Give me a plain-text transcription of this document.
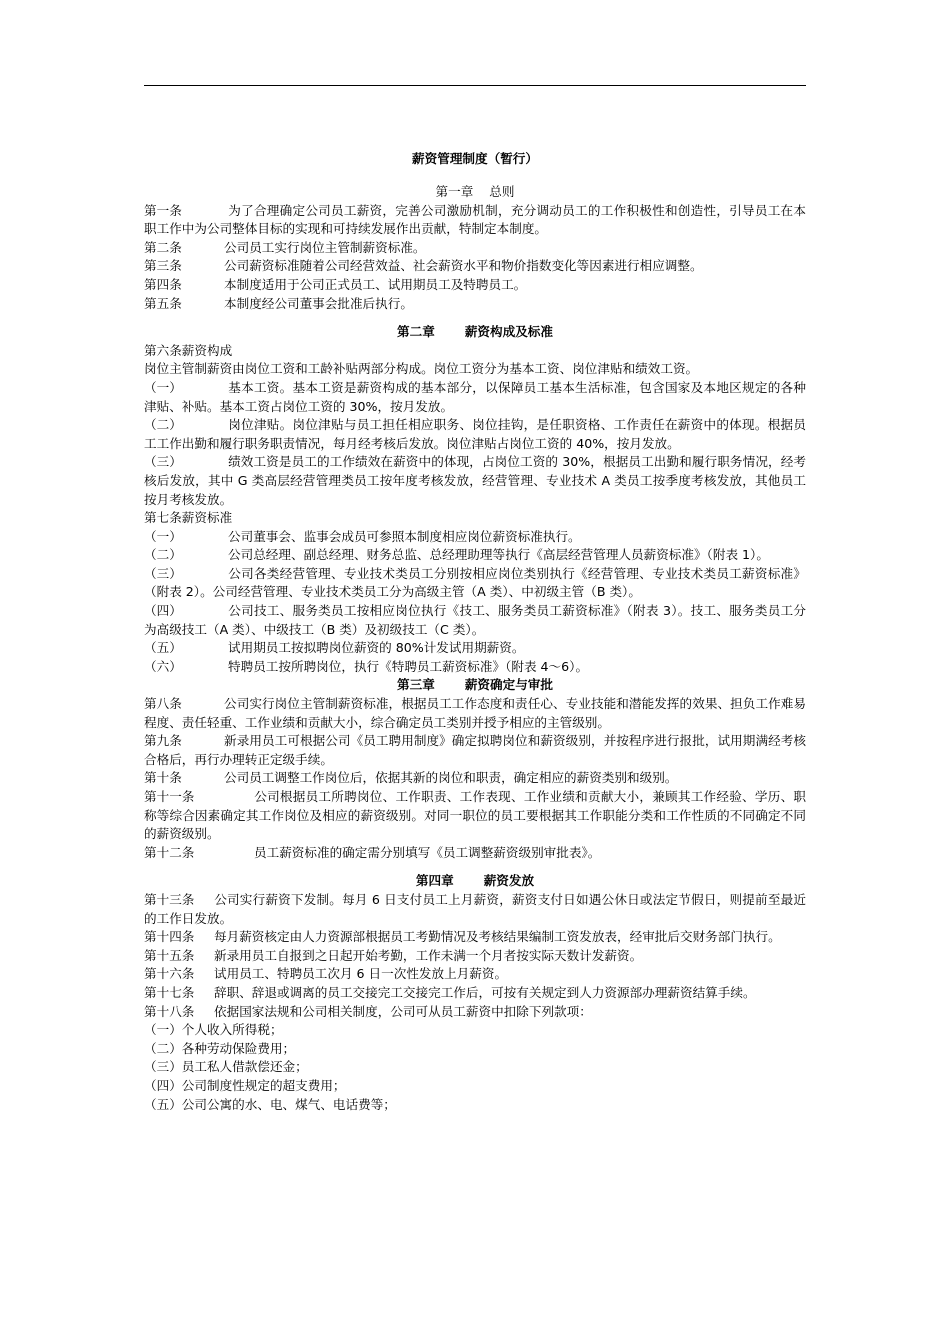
薪资管理制度（暂行）
第一章 总则
第一条	为了合理确定公司员工薪资，完善公司激励机制，充分调动员工的工作积极性和创造性，引导员工在本职工作中为公司整体目标的实现和可持续发展作出贡献，特制定本制度。
第二条	公司员工实行岗位主管制薪资标准。
第三条	公司薪资标准随着公司经营效益、社会薪资水平和物价指数变化等因素进行相应调整。
第四条	本制度适用于公司正式员工、试用期员工及特聘员工。
第五条	本制度经公司董事会批准后执行。
第二章 薪资构成及标准
第六条薪资构成
岗位主管制薪资由岗位工资和工龄补贴两部分构成。岗位工资分为基本工资、岗位津贴和绩效工资。
（一）	基本工资。基本工资是薪资构成的基本部分，以保障员工基本生活标准，包含国家及本地区规定的各种津贴、补贴。基本工资占岗位工资的 30%，按月发放。
（二）	岗位津贴。岗位津贴与员工担任相应职务、岗位挂钩，是任职资格、工作责任在薪资中的体现。根据员工工作出勤和履行职务职责情况，每月经考核后发放。岗位津贴占岗位工资的 40%，按月发放。
（三）	绩效工资是员工的工作绩效在薪资中的体现，占岗位工资的 30%，根据员工出勤和履行职务情况，经考核后发放，其中 G 类高层经营管理类员工按年度考核发放，经营管理、专业技术 A 类员工按季度考核发放，其他员工按月考核发放。
第七条薪资标准
（一）	公司董事会、监事会成员可参照本制度相应岗位薪资标准执行。
（二）	公司总经理、副总经理、财务总监、总经理助理等执行《高层经营管理人员薪资标准》（附表 1）。
（三）	公司各类经营管理、专业技术类员工分别按相应岗位类别执行《经营管理、专业技术类员工薪资标准》（附表 2）。公司经营管理、专业技术类员工分为高级主管（A 类）、中初级主管（B 类）。
（四）	公司技工、服务类员工按相应岗位执行《技工、服务类员工薪资标准》（附表 3）。技工、服务类员工分为高级技工（A 类）、中级技工（B 类）及初级技工（C 类）。
（五）	试用期员工按拟聘岗位薪资的 80%计发试用期薪资。
（六）	特聘员工按所聘岗位，执行《特聘员工薪资标准》（附表 4～6）。
第三章 薪资确定与审批
第八条	公司实行岗位主管制薪资标准，根据员工工作态度和责任心、专业技能和潜能发挥的效果、担负工作难易程度、责任轻重、工作业绩和贡献大小，综合确定员工类别并授予相应的主管级别。
第九条	新录用员工可根据公司《员工聘用制度》确定拟聘岗位和薪资级别，并按程序进行报批，试用期满经考核合格后，再行办理转正定级手续。
第十条	公司员工调整工作岗位后，依据其新的岗位和职责，确定相应的薪资类别和级别。
第十一条	公司根据员工所聘岗位、工作职责、工作表现、工作业绩和贡献大小，兼顾其工作经验、学历、职称等综合因素确定其工作岗位及相应的薪资级别。对同一职位的员工要根据其工作职能分类和工作性质的不同确定不同的薪资级别。
第十二条	员工薪资标准的确定需分别填写《员工调整薪资级别审批表》。
第四章 薪资发放
第十三条 公司实行薪资下发制。每月 6 日支付员工上月薪资，薪资支付日如遇公休日或法定节假日，则提前至最近的工作日发放。
第十四条 每月薪资核定由人力资源部根据员工考勤情况及考核结果编制工资发放表，经审批后交财务部门执行。
第十五条 新录用员工自报到之日起开始考勤，工作未满一个月者按实际天数计发薪资。
第十六条 试用员工、特聘员工次月 6 日一次性发放上月薪资。
第十七条 辞职、辞退或调离的员工交接完工交接完工作后，可按有关规定到人力资源部办理薪资结算手续。
第十八条 依据国家法规和公司相关制度，公司可从员工薪资中扣除下列款项：
（一）个人收入所得税；
（二）各种劳动保险费用；
（三）员工私人借款偿还金；
（四）公司制度性规定的超支费用；
（五）公司公寓的水、电、煤气、电话费等；
